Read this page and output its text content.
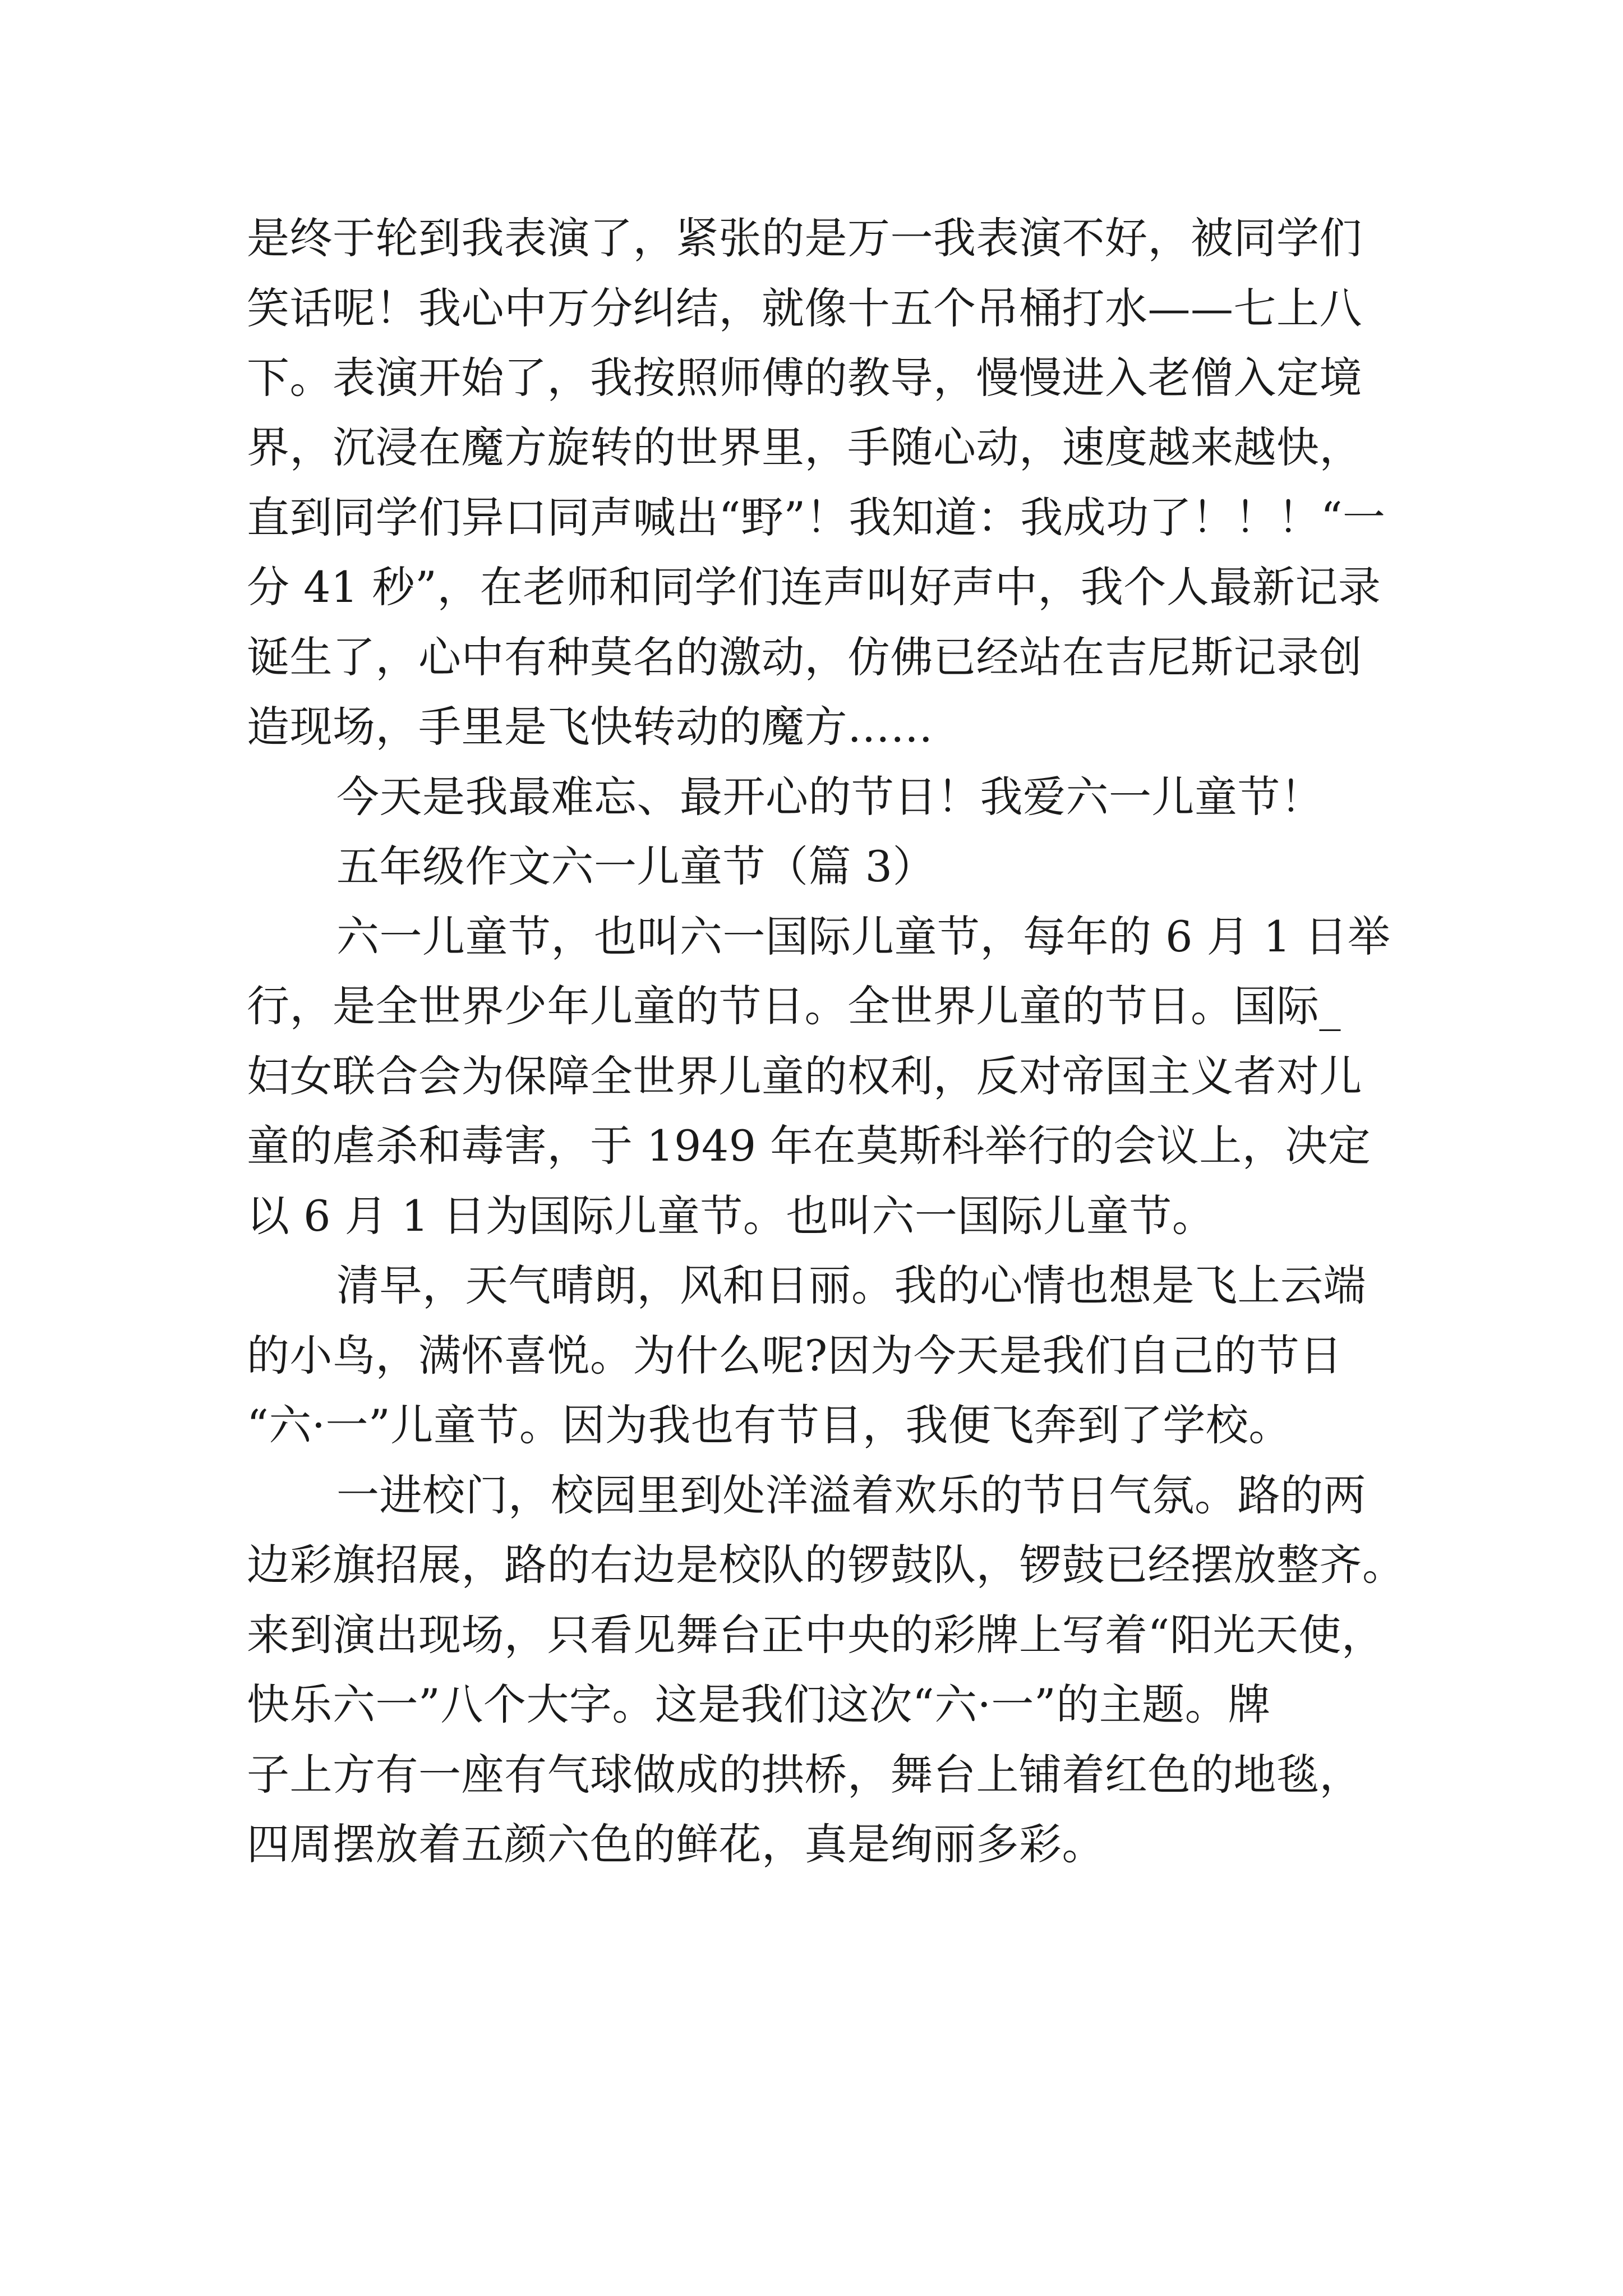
是终于轮到我表演了，紧张的是万一我表演不好，被同学们
笑话呢！我心中万分纠结，就像十五个吊桶打水——七上八
下。表演开始了，我按照师傅的教导，慢慢进入老僧入定境
界，沉浸在魔方旋转的世界里，手随心动，速度越来越快，
直到同学们异口同声喊出“野”！我知道：我成功了！！！“一
分 41 秒”，在老师和同学们连声叫好声中，我个人最新记录
诞生了，心中有种莫名的激动，仿佛已经站在吉尼斯记录创
造现场，手里是飞快转动的魔方……
今天是我最难忘、最开心的节日！我爱六一儿童节！
五年级作文六一儿童节（篇 3）
六一儿童节，也叫六一国际儿童节，每年的 6 月 1 日举
行，是全世界少年儿童的节日。全世界儿童的节日。国际_
妇女联合会为保障全世界儿童的权利，反对帝国主义者对儿
童的虐杀和毒害，于 1949 年在莫斯科举行的会议上，决定
以 6 月 1 日为国际儿童节。也叫六一国际儿童节。
清早，天气晴朗，风和日丽。我的心情也想是飞上云端
的小鸟，满怀喜悦。为什么呢?因为今天是我们自己的节日
“六·一”儿童节。因为我也有节目，我便飞奔到了学校。
一进校门，校园里到处洋溢着欢乐的节日气氛。路的两
边彩旗招展，路的右边是校队的锣鼓队，锣鼓已经摆放整齐。
来到演出现场，只看见舞台正中央的彩牌上写着“阳光天使，
快乐六一”八个大字。这是我们这次“六·一”的主题。牌
子上方有一座有气球做成的拱桥，舞台上铺着红色的地毯，
四周摆放着五颜六色的鲜花，真是绚丽多彩。
